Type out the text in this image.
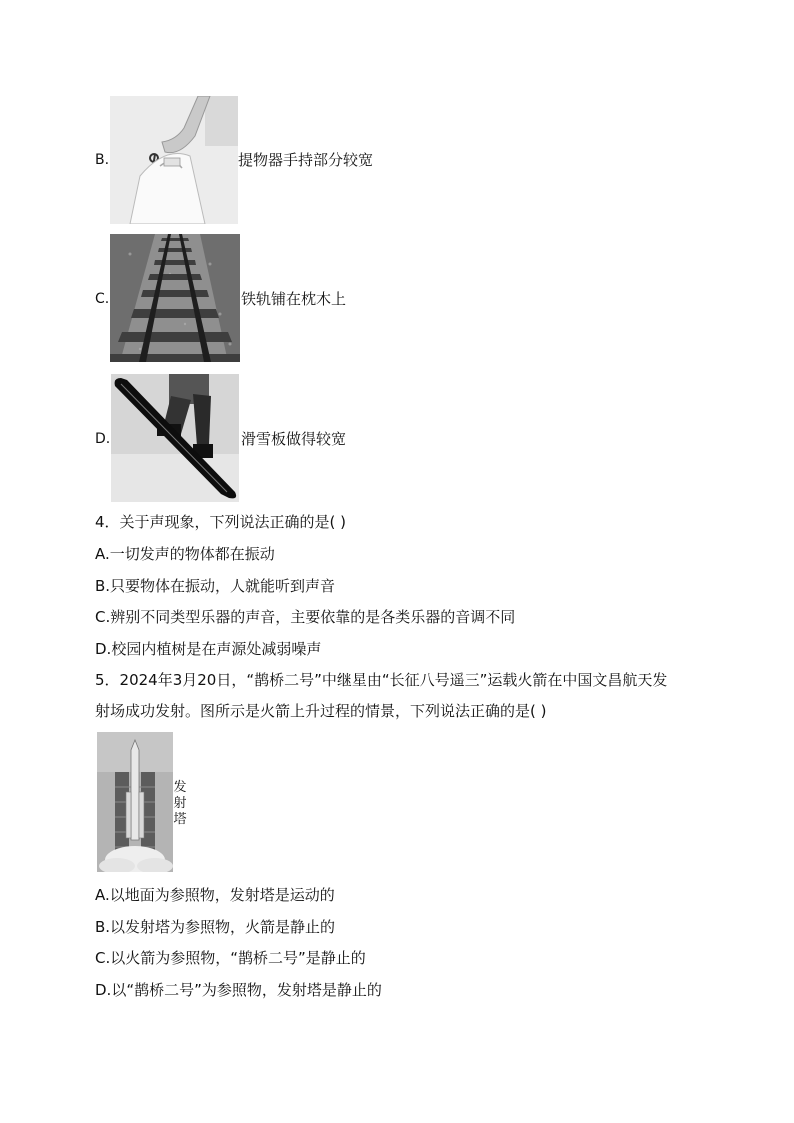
B.	提物器手持部分较宽
C.	铁轨铺在枕木上
D.	滑雪板做得较宽
4．关于声现象，下列说法正确的是( )
A.一切发声的物体都在振动
B.只要物体在振动，人就能听到声音
C.辨别不同类型乐器的声音，主要依靠的是各类乐器的音调不同
D.校园内植树是在声源处减弱噪声
5．2024年3月20日，“鹊桥二号”中继星由“长征八号遥三”运载火箭在中国文昌航天发
射场成功发射。图所示是火箭上升过程的情景，下列说法正确的是( )
发
射
塔
A.以地面为参照物，发射塔是运动的
B.以发射塔为参照物，火箭是静止的
C.以火箭为参照物，“鹊桥二号”是静止的
D.以“鹊桥二号”为参照物，发射塔是静止的
